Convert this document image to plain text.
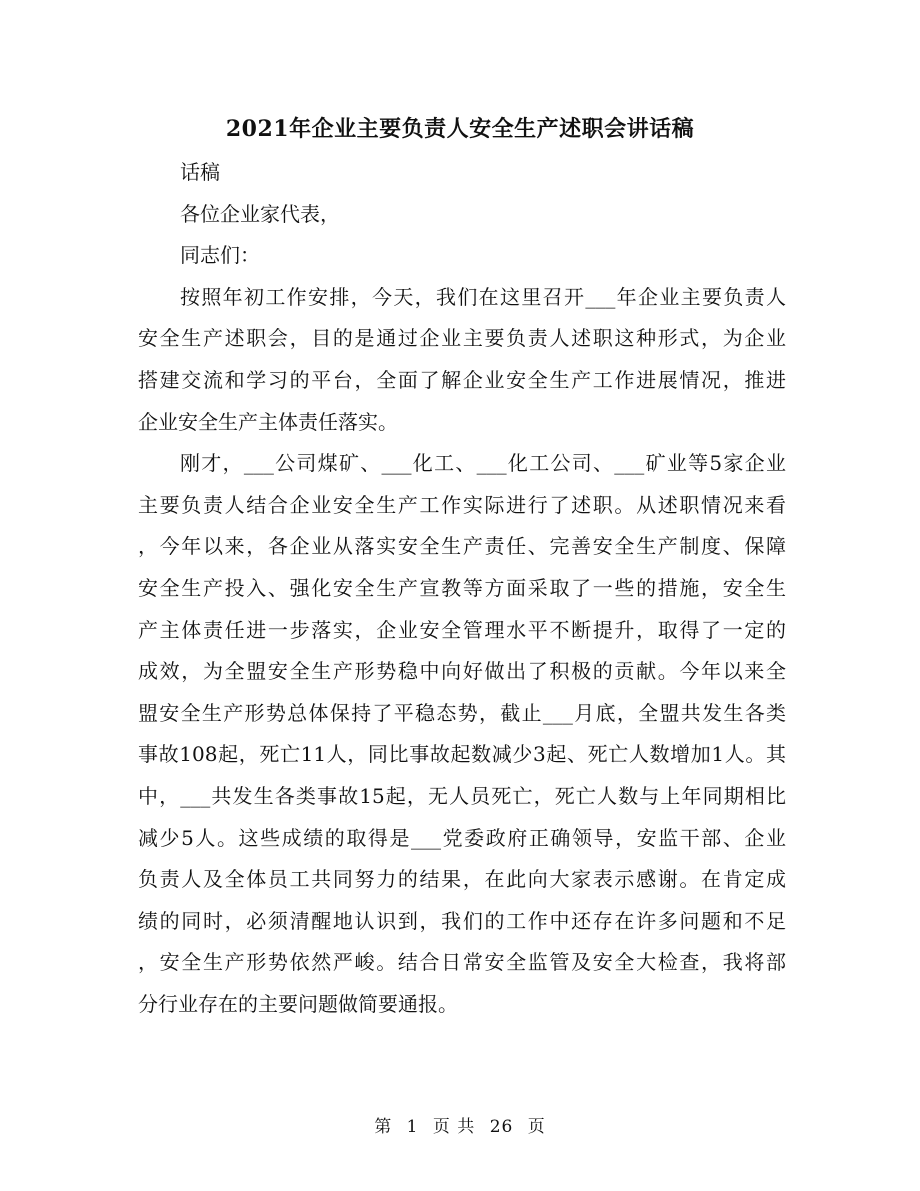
2021年企业主要负责人安全生产述职会讲话稿
话稿
各位企业家代表，
同志们：
按照年初工作安排，今天，我们在这里召开___年企业主要负责人
安全生产述职会，目的是通过企业主要负责人述职这种形式，为企业
搭建交流和学习的平台，全面了解企业安全生产工作进展情况，推进
企业安全生产主体责任落实。
刚才，___公司煤矿、___化工、___化工公司、___矿业等5家企业
主要负责人结合企业安全生产工作实际进行了述职。从述职情况来看
，今年以来，各企业从落实安全生产责任、完善安全生产制度、保障
安全生产投入、强化安全生产宣教等方面采取了一些的措施，安全生
产主体责任进一步落实，企业安全管理水平不断提升，取得了一定的
成效，为全盟安全生产形势稳中向好做出了积极的贡献。今年以来全
盟安全生产形势总体保持了平稳态势，截止___月底，全盟共发生各类
事故108起，死亡11人，同比事故起数减少3起、死亡人数增加1人。其
中，___共发生各类事故15起，无人员死亡，死亡人数与上年同期相比
减少5人。这些成绩的取得是___党委政府正确领导，安监干部、企业
负责人及全体员工共同努力的结果，在此向大家表示感谢。在肯定成
绩的同时，必须清醒地认识到，我们的工作中还存在许多问题和不足
，安全生产形势依然严峻。结合日常安全监管及安全大检查，我将部
分行业存在的主要问题做简要通报。
第 1 页 共 26 页
